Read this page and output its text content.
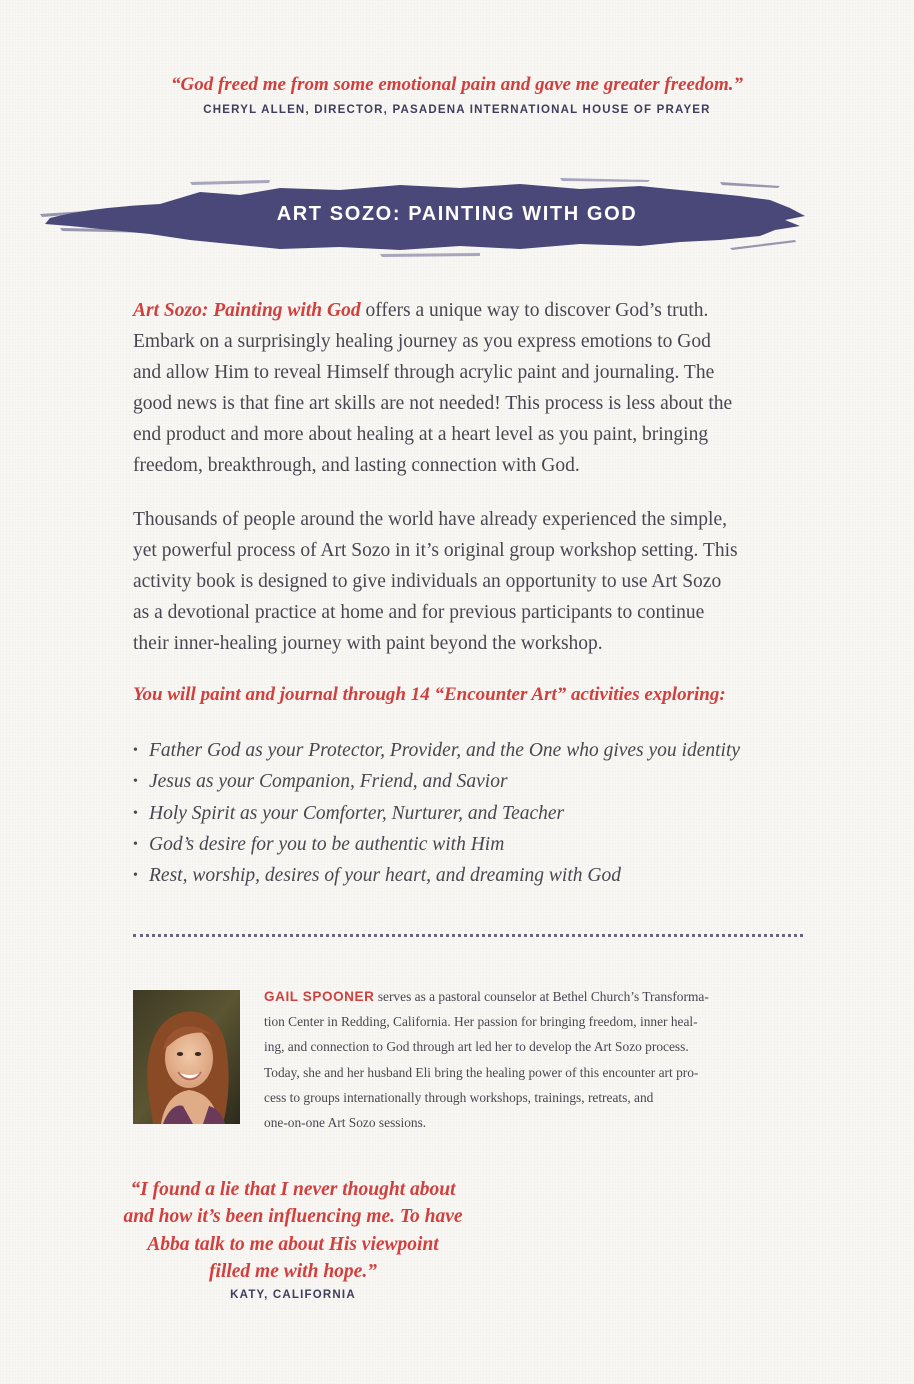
“God freed me from some emotional pain and gave me greater freedom.”
CHERYL ALLEN, DIRECTOR, PASADENA INTERNATIONAL HOUSE OF PRAYER
ART SOZO: PAINTING WITH GOD
Art Sozo: Painting with God offers a unique way to discover God’s truth.
Embark on a surprisingly healing journey as you express emotions to God
and allow Him to reveal Himself through acrylic paint and journaling. The
good news is that fine art skills are not needed! This process is less about the
end product and more about healing at a heart level as you paint, bringing
freedom, breakthrough, and lasting connection with God.
Thousands of people around the world have already experienced the simple,
yet powerful process of Art Sozo in it’s original group workshop setting. This
activity book is designed to give individuals an opportunity to use Art Sozo
as a devotional practice at home and for previous participants to continue
their inner-healing journey with paint beyond the workshop.
You will paint and journal through 14 “Encounter Art” activities exploring:
• Father God as your Protector, Provider, and the One who gives you identity
• Jesus as your Companion, Friend, and Savior
• Holy Spirit as your Comforter, Nurturer, and Teacher
• God’s desire for you to be authentic with Him
• Rest, worship, desires of your heart, and dreaming with God
GAIL SPOONER serves as a pastoral counselor at Bethel Church’s Transforma-
tion Center in Redding, California. Her passion for bringing freedom, inner heal-
ing, and connection to God through art led her to develop the Art Sozo process.
Today, she and her husband Eli bring the healing power of this encounter art pro-
cess to groups internationally through workshops, trainings, retreats, and
one-on-one Art Sozo sessions.
“I found a lie that I never thought about
and how it’s been influencing me. To have
Abba talk to me about His viewpoint
filled me with hope.”
KATY, CALIFORNIA
